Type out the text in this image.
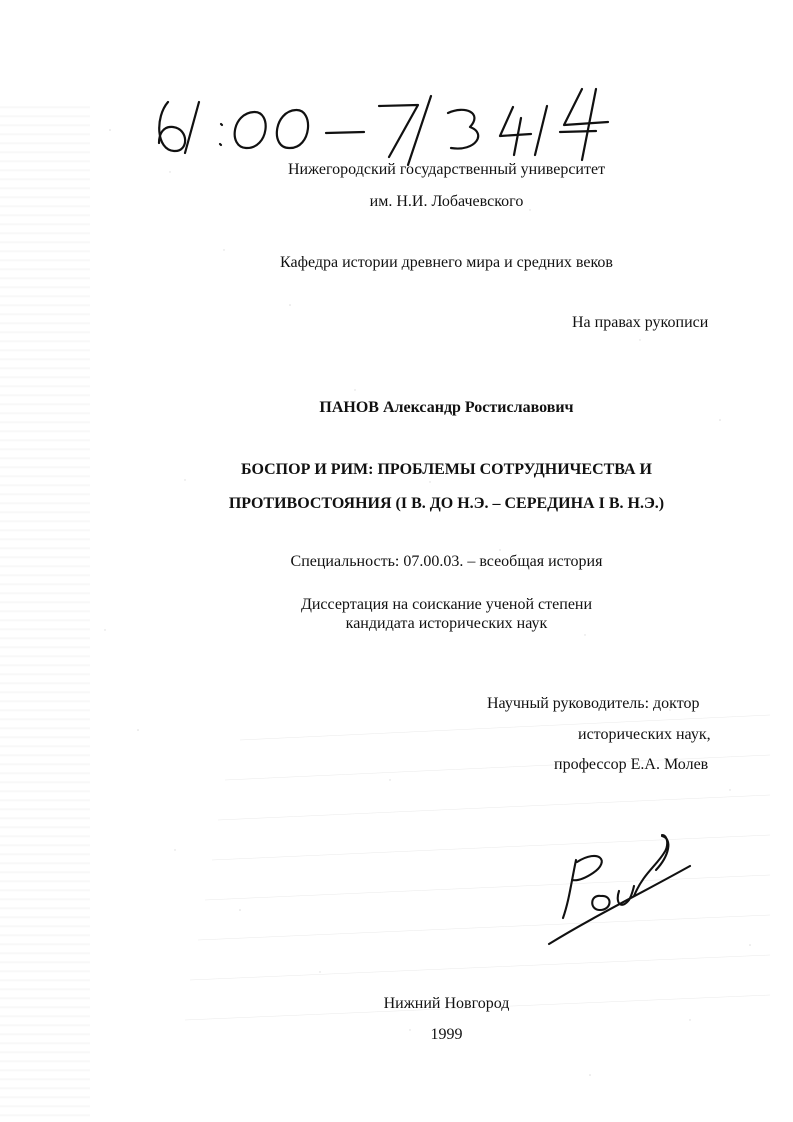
Нижегородский государственный университет
им. Н.И. Лобачевского
Кафедра истории древнего мира и средних веков
На правах рукописи
ПАНОВ Александр Ростиславович
БОСПОР И РИМ: ПРОБЛЕМЫ СОТРУДНИЧЕСТВА И
ПРОТИВОСТОЯНИЯ (I В. ДО Н.Э. – СЕРЕДИНА I В. Н.Э.)
Специальность: 07.00.03. – всеобщая история
Диссертация на соискание ученой степени
кандидата исторических наук
Научный руководитель: доктор
исторических наук,
профессор Е.А. Молев
Нижний Новгород
1999
